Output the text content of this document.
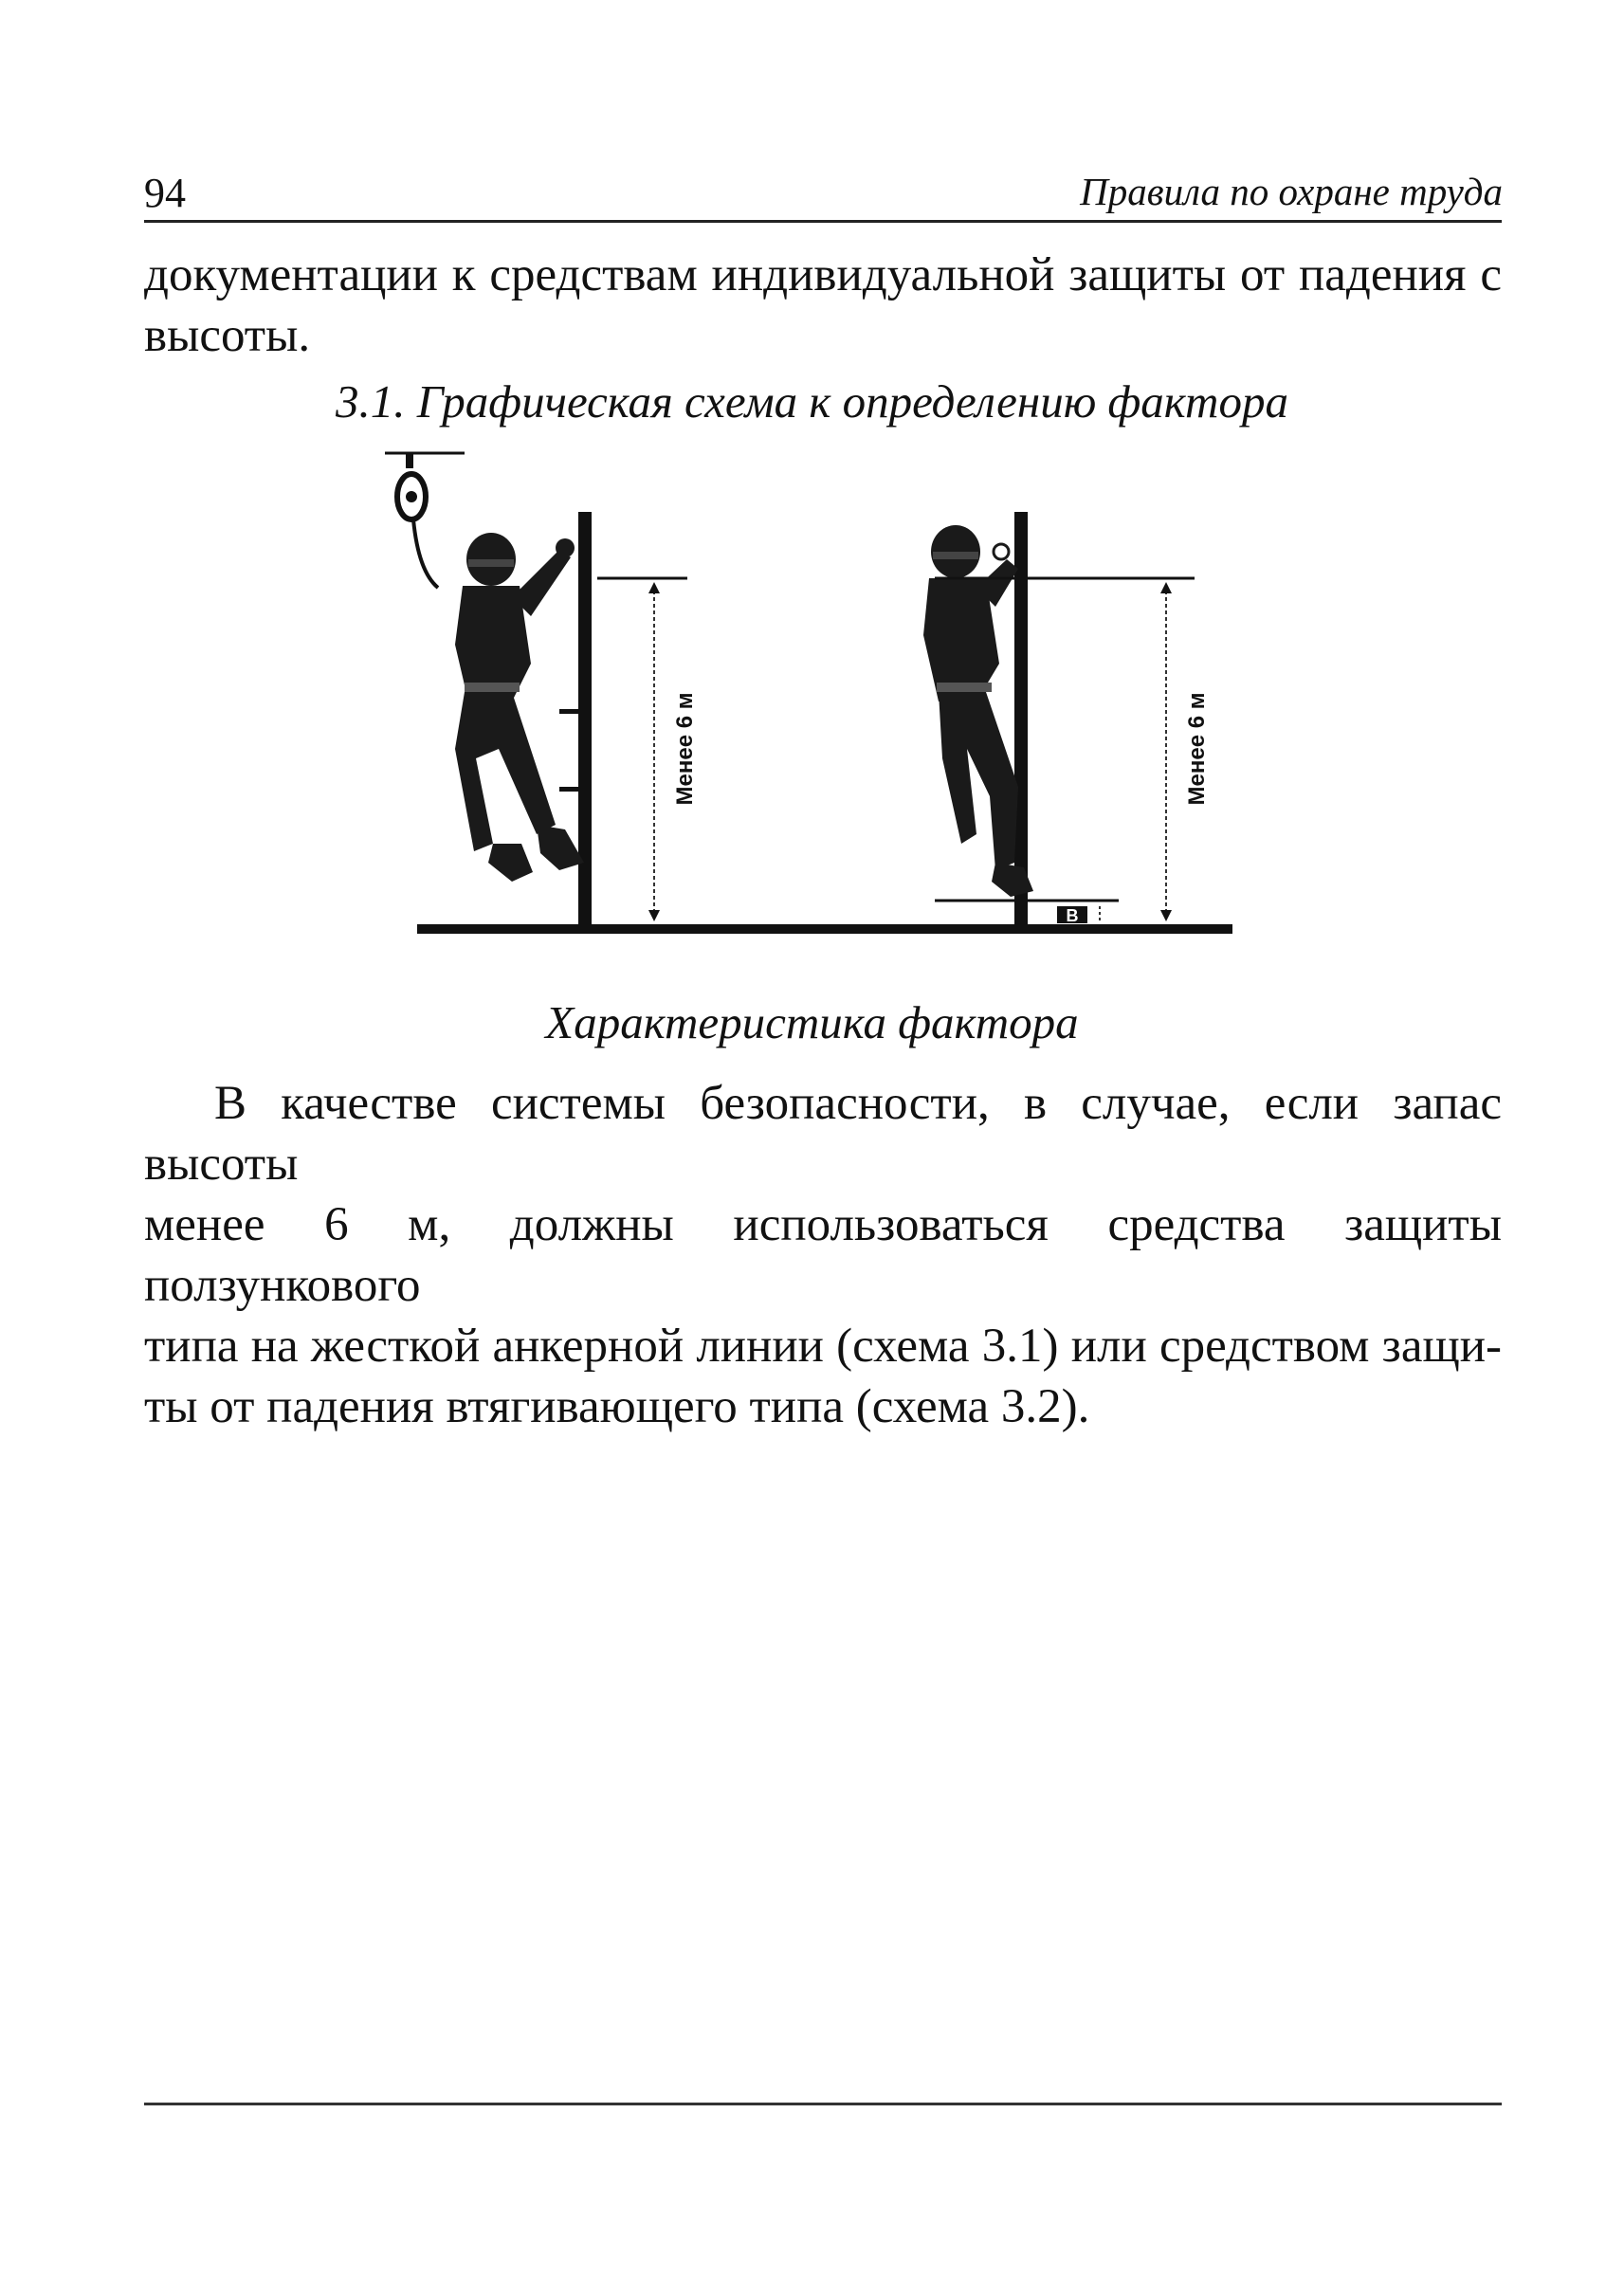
94	Правила по охране труда
документации к средствам индивидуальной защиты от падения с
высоты.
3.1. Графическая схема к определению фактора
Менее 6 м
В
Менее 6 м
Характеристика фактора
В качестве системы безопасности, в случае, если запас высоты
менее 6 м, должны использоваться средства защиты ползункового
типа на жесткой анкерной линии (схема 3.1) или средством защи-
ты от падения втягивающего типа (схема 3.2).
